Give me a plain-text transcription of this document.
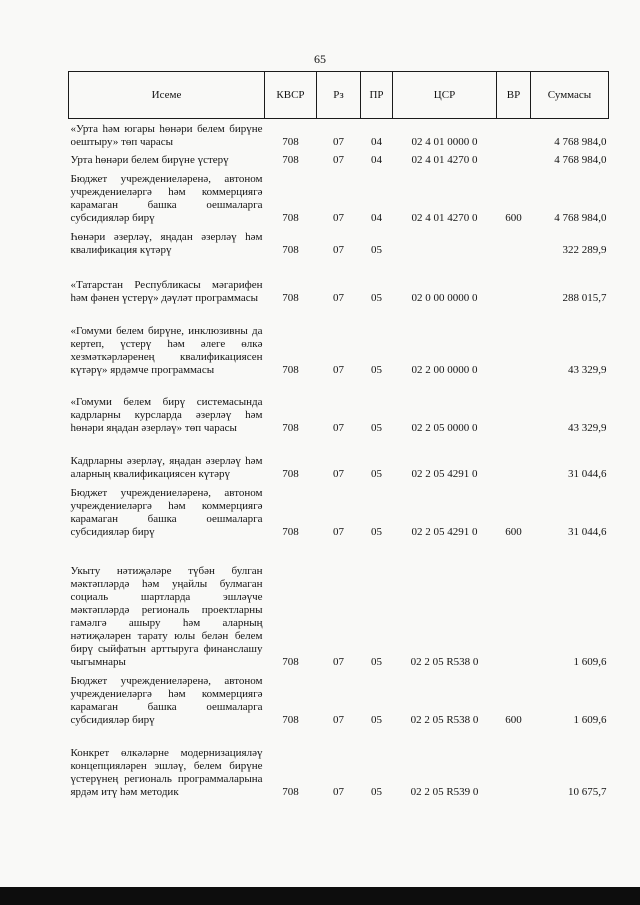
65
Исеме	КВСР	Рз	ПР	ЦСР	ВР	Суммасы
«Урта һәм югары һөнәри белем бирүне оештыру» төп чарасы	708	07	04	02 4 01 0000 0		4 768 984,0
Урта һөнәри белем бирүне үстерү	708	07	04	02 4 01 4270 0		4 768 984,0
Бюджет учреждениеләренә, автоном учреждениеләргә һәм коммерциягә карамаган башка оешмаларга субсидияләр бирү	708	07	04	02 4 01 4270 0	600	4 768 984,0
Һөнәри әзерләү, яңадан әзерләү һәм квалификация күтәрү	708	07	05			322 289,9
«Татарстан Республикасы мәгарифен һәм фәнен үстерү» дәүләт программасы	708	07	05	02 0 00 0000 0		288 015,7
«Гомуми белем бирүне, инклюзивны да кертеп, үстерү һәм әлеге өлкә хезмәткәрләренең квалификациясен күтәрү» ярдәмче программасы	708	07	05	02 2 00 0000 0		43 329,9
«Гомуми белем бирү системасында кадрларны курсларда әзерләү һәм һөнәри яңадан әзерләү» төп чарасы	708	07	05	02 2 05 0000 0		43 329,9
Кадрларны әзерләү, яңадан әзерләү һәм аларның квалификациясен күтәрү	708	07	05	02 2 05 4291 0		31 044,6
Бюджет учреждениеләренә, автоном учреждениеләргә һәм коммерциягә карамаган башка оешмаларга субсидияләр бирү	708	07	05	02 2 05 4291 0	600	31 044,6
Укыту нәтиҗәләре түбән булган мәктәпләрдә һәм уңайлы булмаган социаль шартларда эшләүче мәктәпләрдә региональ проектларны гамәлгә ашыру һәм аларның нәтиҗәләрен тарату юлы белән белем бирү сыйфатын арттыруга финанслашу чыгымнары	708	07	05	02 2 05 R538 0		1 609,6
Бюджет учреждениеләренә, автоном учреждениеләргә һәм коммерциягә карамаган башка оешмаларга субсидияләр бирү	708	07	05	02 2 05 R538 0	600	1 609,6
Конкрет өлкәләрне модернизацияләү концепцияләрен эшләү, белем бирүне үстерүнең региональ программаларына ярдәм итү һәм методик	708	07	05	02 2 05 R539 0		10 675,7
